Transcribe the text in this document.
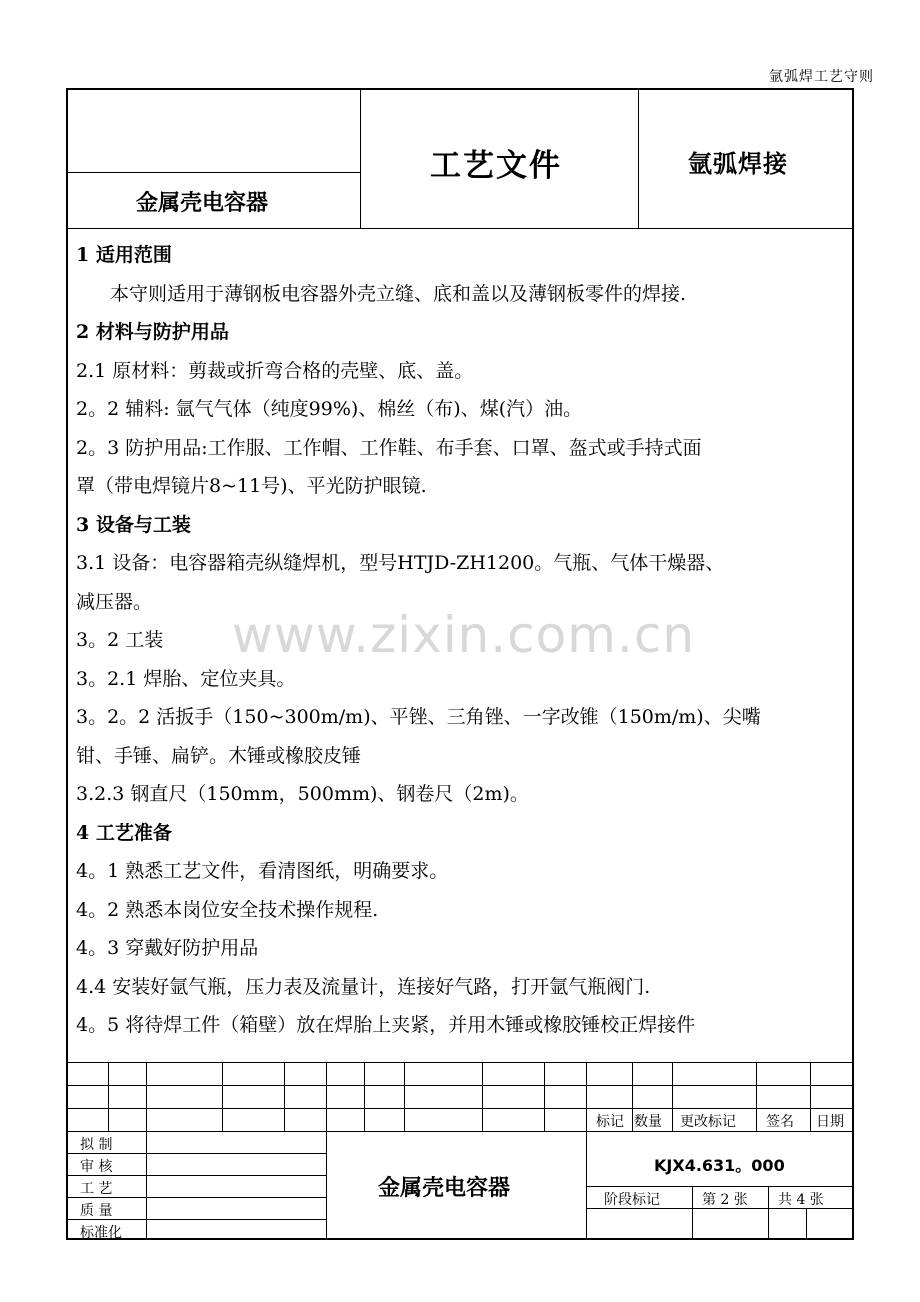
氩弧焊工艺守则
金属壳电容器
工艺文件	氩弧焊接

1 适用范围

本守则适用于薄钢板电容器外壳立缝、底和盖以及薄钢板零件的焊接.

2 材料与防护用品

2.1 原材料：剪裁或折弯合格的壳壁、底、盖。

2。2 辅料: 氩气气体（纯度99%)、棉丝（布)、煤(汽）油。

2。3 防护用品:工作服、工作帽、工作鞋、布手套、口罩、盔式或手持式面

罩（带电焊镜片8~11号)、平光防护眼镜.

3 设备与工装

3.1 设备：电容器箱壳纵缝焊机，型号HTJD-ZH1200。气瓶、气体干燥器、

减压器。

3。2 工装

3。2.1 焊胎、定位夹具。

3。2。2 活扳手（150~300m/m)、平锉、三角锉、一字改锥（150m/m)、尖嘴

钳、手锤、扁铲。木锤或橡胶皮锤

3.2.3 钢直尺（150mm，500mm)、钢卷尺（2m)。

4 工艺准备

4。1 熟悉工艺文件，看清图纸，明确要求。

4。2 熟悉本岗位安全技术操作规程.

4。3 穿戴好防护用品

4.4 安装好氩气瓶，压力表及流量计，连接好气路，打开氩气瓶阀门.

4。5 将待焊工件（箱壁）放在焊胎上夹紧，并用木锤或橡胶锤校正焊接件

标记 数量 更改标记 签名 日期
拟 制
审 核
工 艺
质 量
标准化
金属壳电容器
KJX4.631。000
阶段标记	第 2 张 共 4 张
www.zixin.com.cn
